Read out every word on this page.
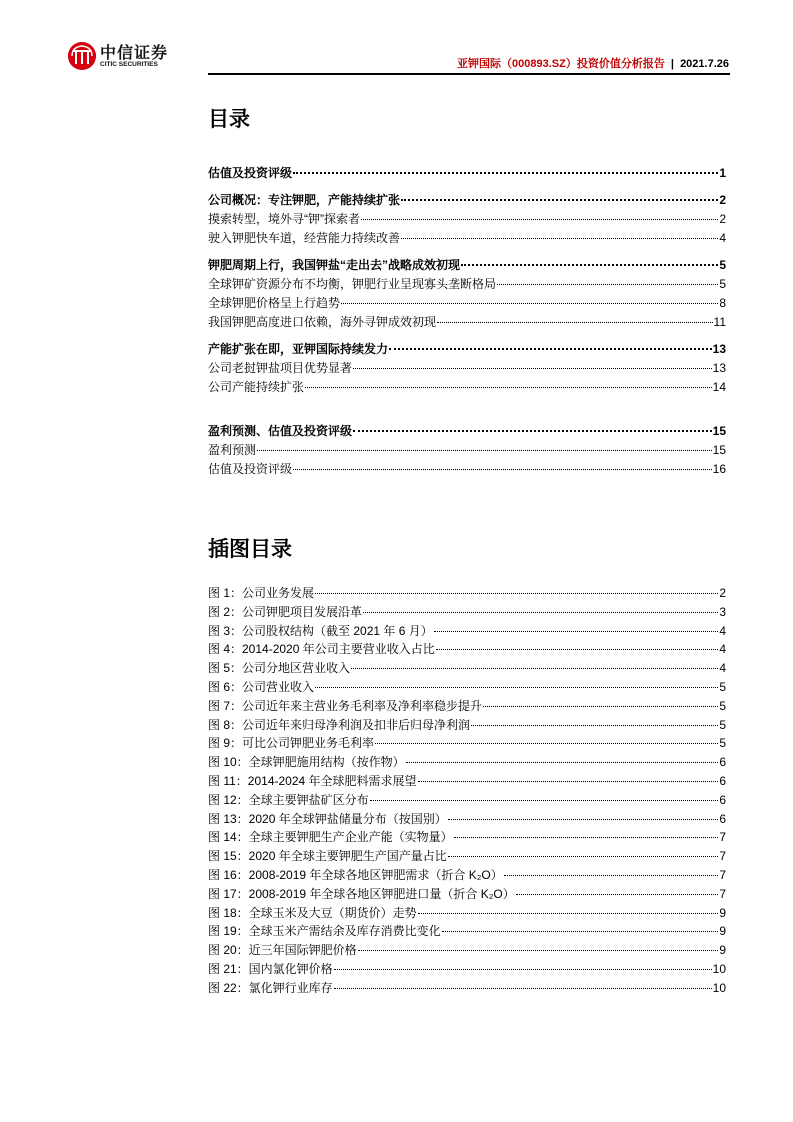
中信证券
CITIC SECURITIES	亚钾国际（000893.SZ）投资价值分析报告 | 2021.7.26
目录
估值及投资评级	1
公司概况：专注钾肥，产能持续扩张	2
摸索转型，境外寻“钾”探索者	2
驶入钾肥快车道，经营能力持续改善	4
钾肥周期上行，我国钾盐“走出去”战略成效初现	5
全球钾矿资源分布不均衡，钾肥行业呈现寡头垄断格局	5
全球钾肥价格呈上行趋势	8
我国钾肥高度进口依赖，海外寻钾成效初现	11
产能扩张在即，亚钾国际持续发力	13
公司老挝钾盐项目优势显著	13
公司产能持续扩张	14
盈利预测、估值及投资评级	15
盈利预测	15
估值及投资评级	16
插图目录
图 1：公司业务发展	2
图 2：公司钾肥项目发展沿革	3
图 3：公司股权结构（截至 2021 年 6 月）	4
图 4：2014-2020 年公司主要营业收入占比	4
图 5：公司分地区营业收入	4
图 6：公司营业收入	5
图 7：公司近年来主营业务毛利率及净利率稳步提升	5
图 8：公司近年来归母净利润及扣非后归母净利润	5
图 9：可比公司钾肥业务毛利率	5
图 10：全球钾肥施用结构（按作物）	6
图 11：2014-2024 年全球肥料需求展望	6
图 12：全球主要钾盐矿区分布	6
图 13：2020 年全球钾盐储量分布（按国别）	6
图 14：全球主要钾肥生产企业产能（实物量）	7
图 15：2020 年全球主要钾肥生产国产量占比	7
图 16：2008-2019 年全球各地区钾肥需求（折合 K₂O）	7
图 17：2008-2019 年全球各地区钾肥进口量（折合 K₂O）	7
图 18：全球玉米及大豆（期货价）走势	9
图 19：全球玉米产需结余及库存消费比变化	9
图 20：近三年国际钾肥价格	9
图 21：国内氯化钾价格	10
图 22：氯化钾行业库存	10
